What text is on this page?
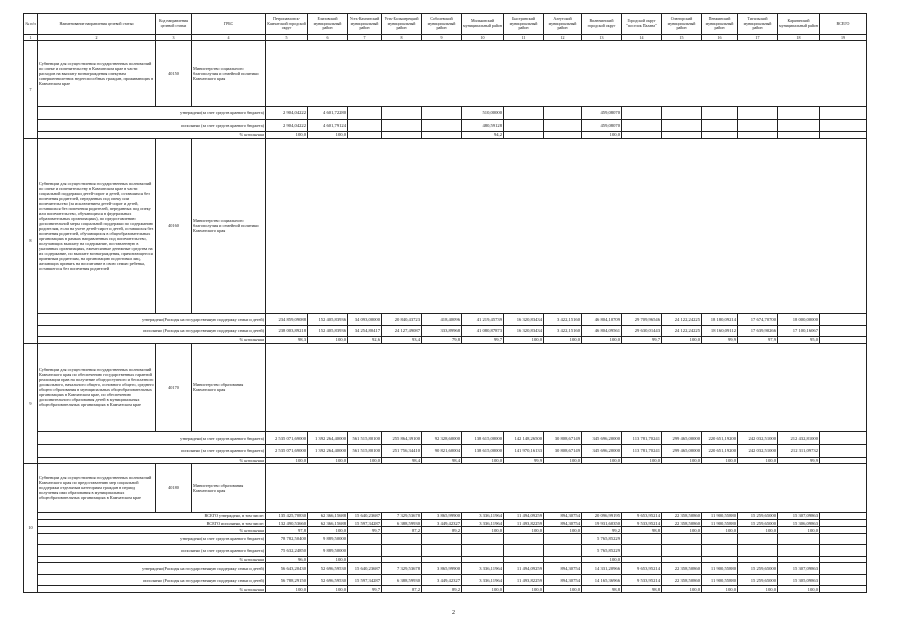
№ п/п	Наименование направления целевой статьи	Код направления целевой статьи	ГРБС	Петропавловск-Камчатский городской округ	Елизовский муниципальный район	Усть-Камчатский муниципальный район	Усть-Большерецкий муниципальный район	Соболевский муниципальный район	Мильковский муниципальный район	Быстринский муниципальный район	Алеутский муниципальный район	Вилючинский городской округ	Городской округ "поселок Палана"	Олюторский муниципальный район	Пенжинский муниципальный район	Тигильский муниципальный район	Карагинский муниципальный район	ВСЕГО	
1	2	3	4	5	6	7	8	9	10	11	12	13	14	15	16	17	18	19	
7	Субвенции для осуществления государственных полномочий по опеке и попечительству в Камчатском крае в части расходов на выплату вознаграждения опекунам совершеннолетних недееспособных граждан, проживающих в Камчатском крае	40150	Министерство социального благополучия и семейной политики Камчатского края																
	утверждено(за счет средств краевого бюджета)			2 904,04222	4 601,72280				510,00000			459,08070							
	исполнено (за счет средств краевого бюджета)			2 904,04222	4 601,79124				480,59128			459,08070							
	% исполнения			100,0	100,0				94,2			100,0							
8	Субвенции для осуществления государственных полномочий по опеке и попечительству в Камчатском крае в части социальной поддержки детей-сирот и детей, оставшихся без попечения родителей, переданных под опеку или попечительство (за исключением детей-сирот и детей, оставшихся без попечения родителей, переданных под опеку или попечительство, обучающихся в федеральных образовательных организациях), по предоставлению дополнительной меры социальной поддержки по содержанию родителям, если на учете детей-сирот и детей, оставшихся без попечения родителей, обучающихся в общеобразовательных организациях в рамках направленных под попечительство, получающих выплату на содержание, поставленную в указанных организациях, ежемесячные денежные средства на их содержание, по выплате вознаграждения, причитающегося приемным родителям, на организацию подготовки лиц, желающих принять на воспитание в свою семью ребенка, оставшегося без попечения родителей	40160	Министерство социального благополучия и семейной политики Камчатского края																
	утверждено(Расходы на государственную поддержку семьи и детей)			234 859,09088	152 405,83936	34 093,00000	20 840,43723	418,40096	41 219,45739	16 320,83434	3 422,15160	46 804,10709	29 709,96546	24 122,24225	18 180,09214	17 674,70700	18 000,00000		
	исполнено (Расходы на государственную поддержку семьи и детей)			238 003,89218	152 405,83936	34 254,80417	24 127,49087	333,89968	41 080,87873	16 320,83434	3 422,15160	46 804,09561	29 630,01443	24 122,24225	18 160,09112	17 639,90266	17 100,16067		
	% исполнения			98,3	100,0	92,6	93,4	79,8	99,7	100,0	100,0	100,0	99,7	100,0	99,9	97,9	95,0		
9	Субвенции для осуществления государственных полномочий Камчатского края по обеспечению государственных гарантий реализации прав на получение общедоступного и бесплатного дошкольного, начального общего, основного общего, среднего общего образования в муниципальных общеобразовательных организациях в Камчатском крае, по обеспечению дополнительного образования детей в муниципальных общеобразовательных организациях в Камчатском крае	40170	Министерство образования Камчатского края																
	утверждено(за счет средств краевого бюджета)			2 535 071,69000	1 392 264,40000	561 515,80100	255 864,39100	92 328,60000	138 615,00000	142 148,26500	30 808,67149	345 696,20000	113 781,70241	299 465,00000	220 651,19200	242 032,51000	212 432,81000		
	исполнено (за счет средств краевого бюджета)			2 535 071,69000	1 392 264,40000	561 515,80100	251 756,34410	90 821,60004	138 615,00000	141 970,16133	30 808,67149	345 696,20000	113 781,70241	299 465,00000	220 651,19200	242 032,51000	212 311,09732		
	% исполнения			100,0	100,0	100,0	98,4	98,4	100,0	99,9	100,0	100,0	100,0	100,0	100,0	100,0	99,9		
10	Субвенции для осуществления государственных полномочий Камчатского края по предоставлению мер социальной поддержки отдельным категориям граждан в период получения ими образования в муниципальных общеобразовательных организациях в Камчатском крае	40180	Министерство образования Камчатского края																
	ВСЕГО утверждено, в том числе:			135 425,70830	62 366,15688	15 640,23687	7 329,53678	3 865,99900	3 336,11964	11 494,09259	894,30754	20 096,99195	9 653,95214	22 358,50860	11 900,55880	15 259,65000	15 307,09863		
	ВСЕГО исполнено, в том числе:			132 490,53660	62 366,15688	15 597,34287	6 388,59930	3 449,42327	3 336,11964	11 493,82259	894,30754	19 931,60350	9 533,95214	22 358,50860	11 900,55880	15 259,65000	15 306,09863		
	% исполнения			97,8	100,0	99,7	87,2	89,2	100,0	100,0	100,0	99,2	98,8	100,0	100,0	100,0	100,0		
	утверждено(за счет средств краевого бюджета)			78 782,50400	9 889,50000							5 765,85229							
	исполнено (за счет средств краевого бюджета)			75 632,24850	9 889,50000							5 765,85229							
	% исполнения			96,0	100,0							100,0							
	утверждено(Расходы на государственную поддержку семьи и детей)			56 643,20430	52 696,59530	15 640,23687	7 329,53678	3 865,99900	3 336,11964	11 494,09259	894,30754	14 331,20966	9 653,95214	22 358,50860	11 900,55880	15 259,65000	15 307,09863		
	исполнено (Расходы на государственную поддержку семьи и детей)			56 788,29150	52 696,59530	15 597,34287	6 388,59930	3 449,42327	3 336,11964	11 493,82259	894,30754	14 165,36966	9 533,95214	22 358,50860	11 900,55880	15 259,65000	15 305,09863		
	% исполнения			100,0	100,0	99,7	87,2	89,2	100,0	100,0	100,0	98,8	98,8	100,0	100,0	100,0	100,0		
2
